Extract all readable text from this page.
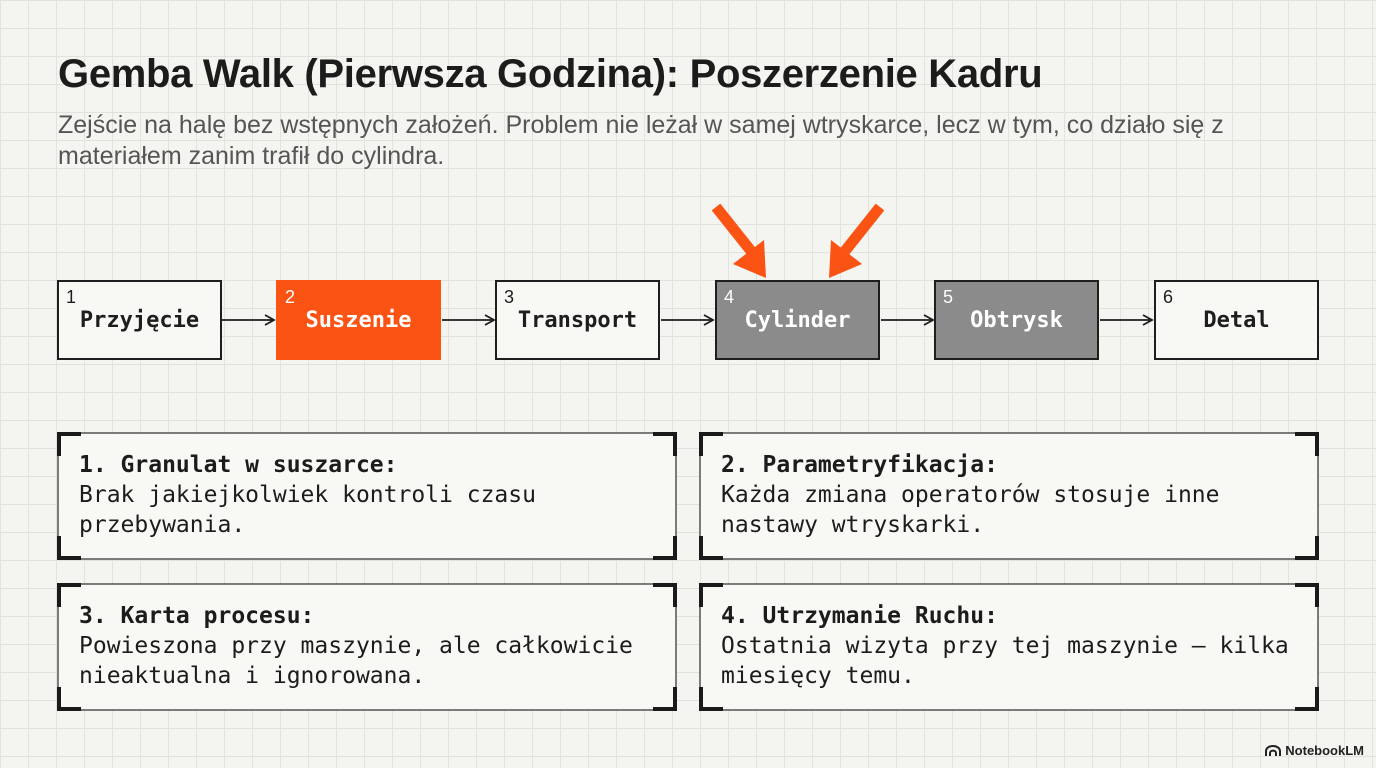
Gemba Walk (Pierwsza Godzina): Poszerzenie Kadru

Zejście na halę bez wstępnych założeń. Problem nie leżał w samej wtryskarce, lecz w tym, co działo się z materiałem zanim trafił do cylindra.

1
Przyjęcie
2
Suszenie
3
Transport
4
Cylinder
5
Obtrysk
6
Detal
1. Granulat w suszarce:
Brak jakiejkolwiek kontroli czasu przebywania.
2. Parametryfikacja:
Każda zmiana operatorów stosuje inne nastawy wtryskarki.
3. Karta procesu:
Powieszona przy maszynie, ale całkowicie nieaktualna i ignorowana.
4. Utrzymanie Ruchu:
Ostatnia wizyta przy tej maszynie – kilka miesięcy temu.
NotebookLM
